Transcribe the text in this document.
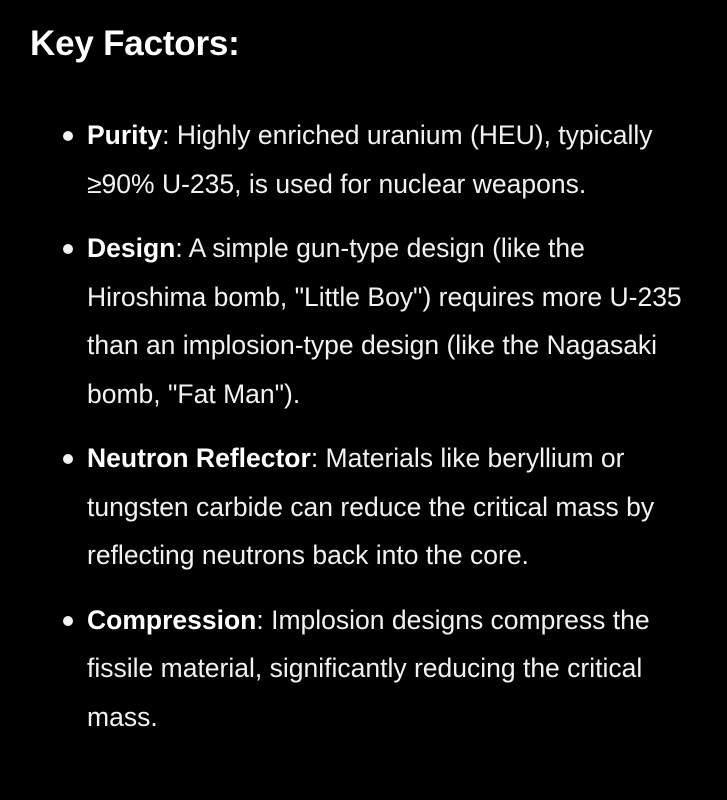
Key Factors:
Purity: Highly enriched uranium (HEU), typically ≥90% U-235, is used for nuclear weapons.
Design: A simple gun-type design (like the Hiroshima bomb, "Little Boy") requires more U-235 than an implosion-type design (like the Nagasaki bomb, "Fat Man").
Neutron Reflector: Materials like beryllium or tungsten carbide can reduce the critical mass by reflecting neutrons back into the core.
Compression: Implosion designs compress the fissile material, significantly reducing the critical mass.
